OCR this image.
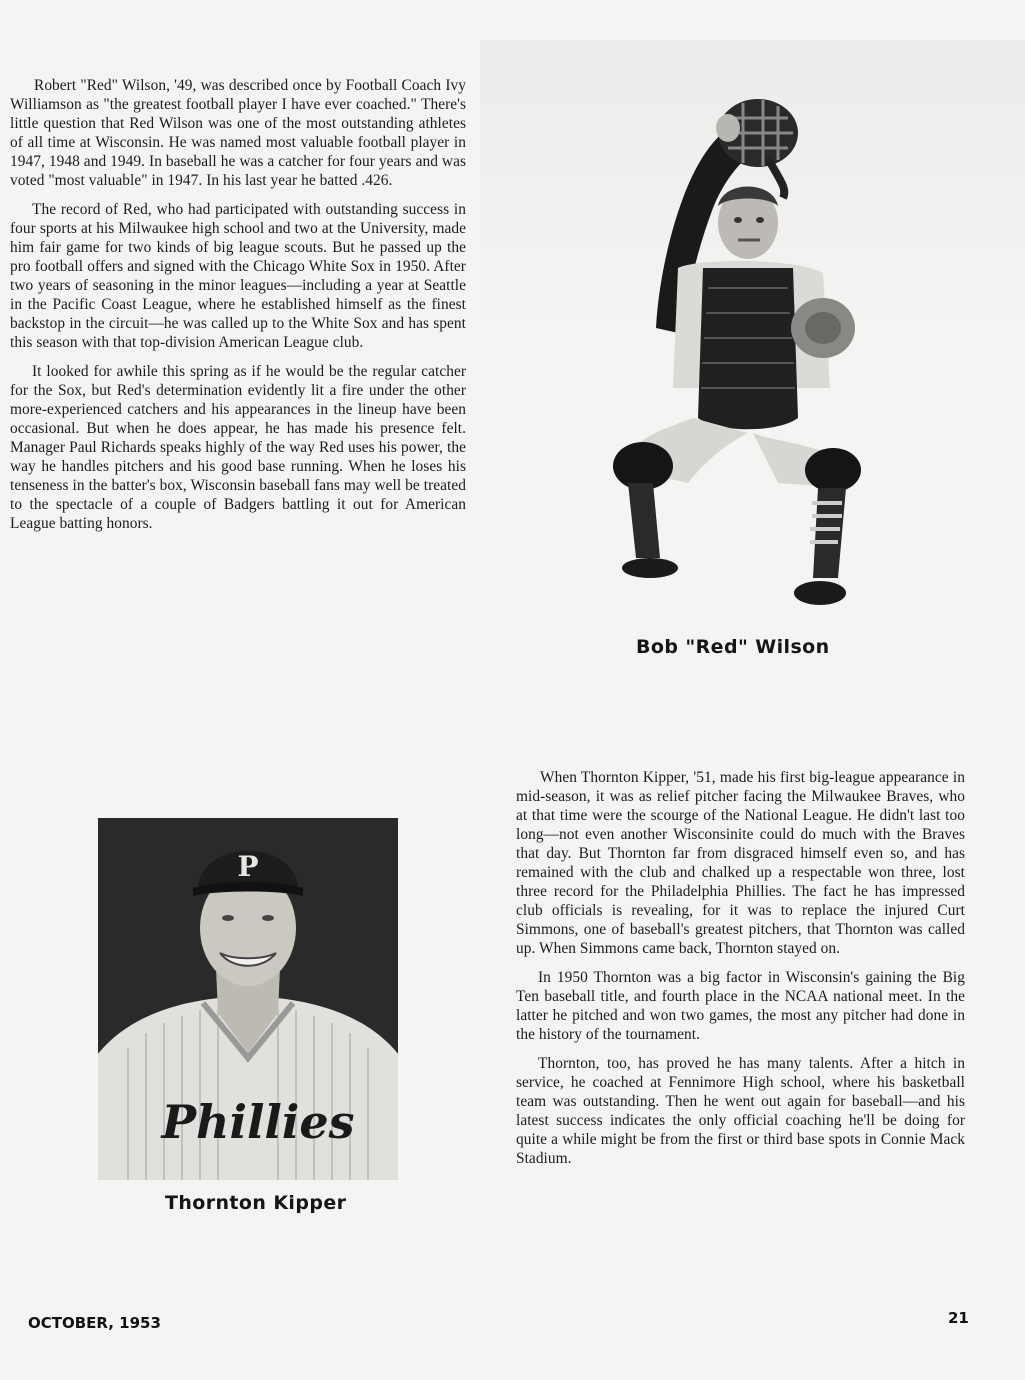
Robert "Red" Wilson, '49, was described once by Football Coach Ivy Williamson as "the greatest football player I have ever coached." There's little question that Red Wilson was one of the most outstanding athletes of all time at Wisconsin. He was named most valuable football player in 1947, 1948 and 1949. In baseball he was a catcher for four years and was voted "most valuable" in 1947. In his last year he batted .426.

The record of Red, who had participated with outstanding success in four sports at his Milwaukee high school and two at the University, made him fair game for two kinds of big league scouts. But he passed up the pro football offers and signed with the Chicago White Sox in 1950. After two years of seasoning in the minor leagues—including a year at Seattle in the Pacific Coast League, where he established himself as the finest backstop in the circuit—he was called up to the White Sox and has spent this season with that top-division American League club.

It looked for awhile this spring as if he would be the regular catcher for the Sox, but Red's determination evidently lit a fire under the other more-experienced catchers and his appearances in the lineup have been occasional. But when he does appear, he has made his presence felt. Manager Paul Richards speaks highly of the way Red uses his power, the way he handles pitchers and his good base running. When he loses his tenseness in the batter's box, Wisconsin baseball fans may well be treated to the spectacle of a couple of Badgers battling it out for American League batting honors.

Bob "Red" Wilson
P
Phillies
Thornton Kipper

When Thornton Kipper, '51, made his first big-league appearance in mid-season, it was as relief pitcher facing the Milwaukee Braves, who at that time were the scourge of the National League. He didn't last too long—not even another Wisconsinite could do much with the Braves that day. But Thornton far from disgraced himself even so, and has remained with the club and chalked up a respectable won three, lost three record for the Philadelphia Phillies. The fact he has impressed club officials is revealing, for it was to replace the injured Curt Simmons, one of baseball's greatest pitchers, that Thornton was called up. When Simmons came back, Thornton stayed on.

In 1950 Thornton was a big factor in Wisconsin's gaining the Big Ten baseball title, and fourth place in the NCAA national meet. In the latter he pitched and won two games, the most any pitcher had done in the history of the tournament.

Thornton, too, has proved he has many talents. After a hitch in service, he coached at Fennimore High school, where his basketball team was outstanding. Then he went out again for baseball—and his latest success indicates the only official coaching he'll be doing for quite a while might be from the first or third base spots in Connie Mack Stadium.

OCTOBER, 1953	21
